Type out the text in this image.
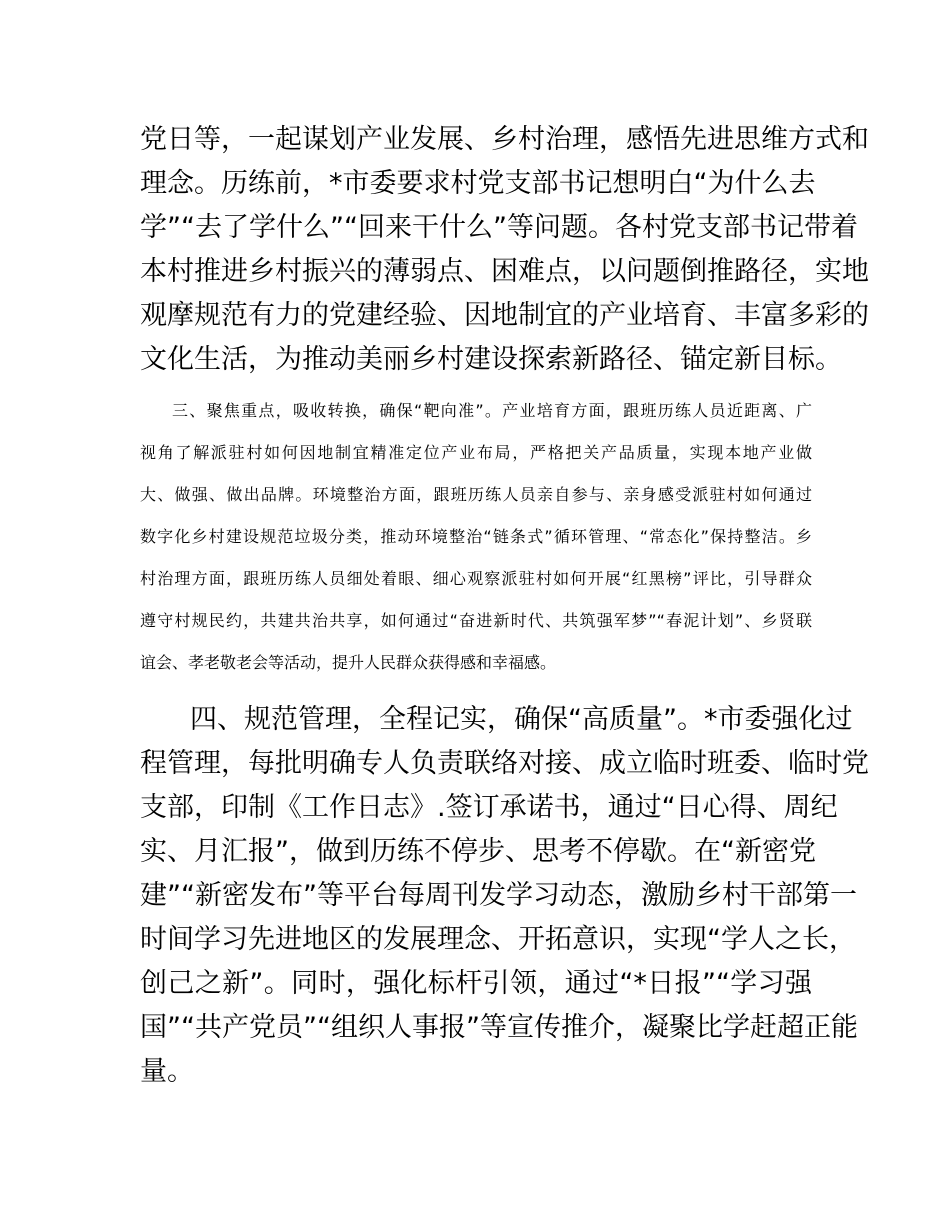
党日等，一起谋划产业发展、乡村治理，感悟先进思维方式和

理念。历练前，*市委要求村党支部书记想明白“为什么去

学”“去了学什么”“回来干什么”等问题。各村党支部书记带着

本村推进乡村振兴的薄弱点、困难点，以问题倒推路径，实地

观摩规范有力的党建经验、因地制宜的产业培育、丰富多彩的

文化生活，为推动美丽乡村建设探索新路径、锚定新目标。

三、聚焦重点，吸收转换，确保“靶向准”。产业培育方面，跟班历练人员近距离、广

视角了解派驻村如何因地制宜精准定位产业布局，严格把关产品质量，实现本地产业做

大、做强、做出品牌。环境整治方面，跟班历练人员亲自参与、亲身感受派驻村如何通过

数字化乡村建设规范垃圾分类，推动环境整治“链条式”循环管理、“常态化”保持整洁。乡

村治理方面，跟班历练人员细处着眼、细心观察派驻村如何开展“红黑榜”评比，引导群众

遵守村规民约，共建共治共享，如何通过“奋进新时代、共筑强军梦”“春泥计划”、乡贤联

谊会、孝老敬老会等活动，提升人民群众获得感和幸福感。

四、规范管理，全程记实，确保“高质量”。*市委强化过

程管理，每批明确专人负责联络对接、成立临时班委、临时党

支部，印制《工作日志》.签订承诺书，通过“日心得、周纪

实、月汇报”，做到历练不停步、思考不停歇。在“新密党

建”“新密发布”等平台每周刊发学习动态，激励乡村干部第一

时间学习先进地区的发展理念、开拓意识，实现“学人之长，

创己之新”。同时，强化标杆引领，通过“*日报”“学习强

国”“共产党员”“组织人事报”等宣传推介，凝聚比学赶超正能

量。
